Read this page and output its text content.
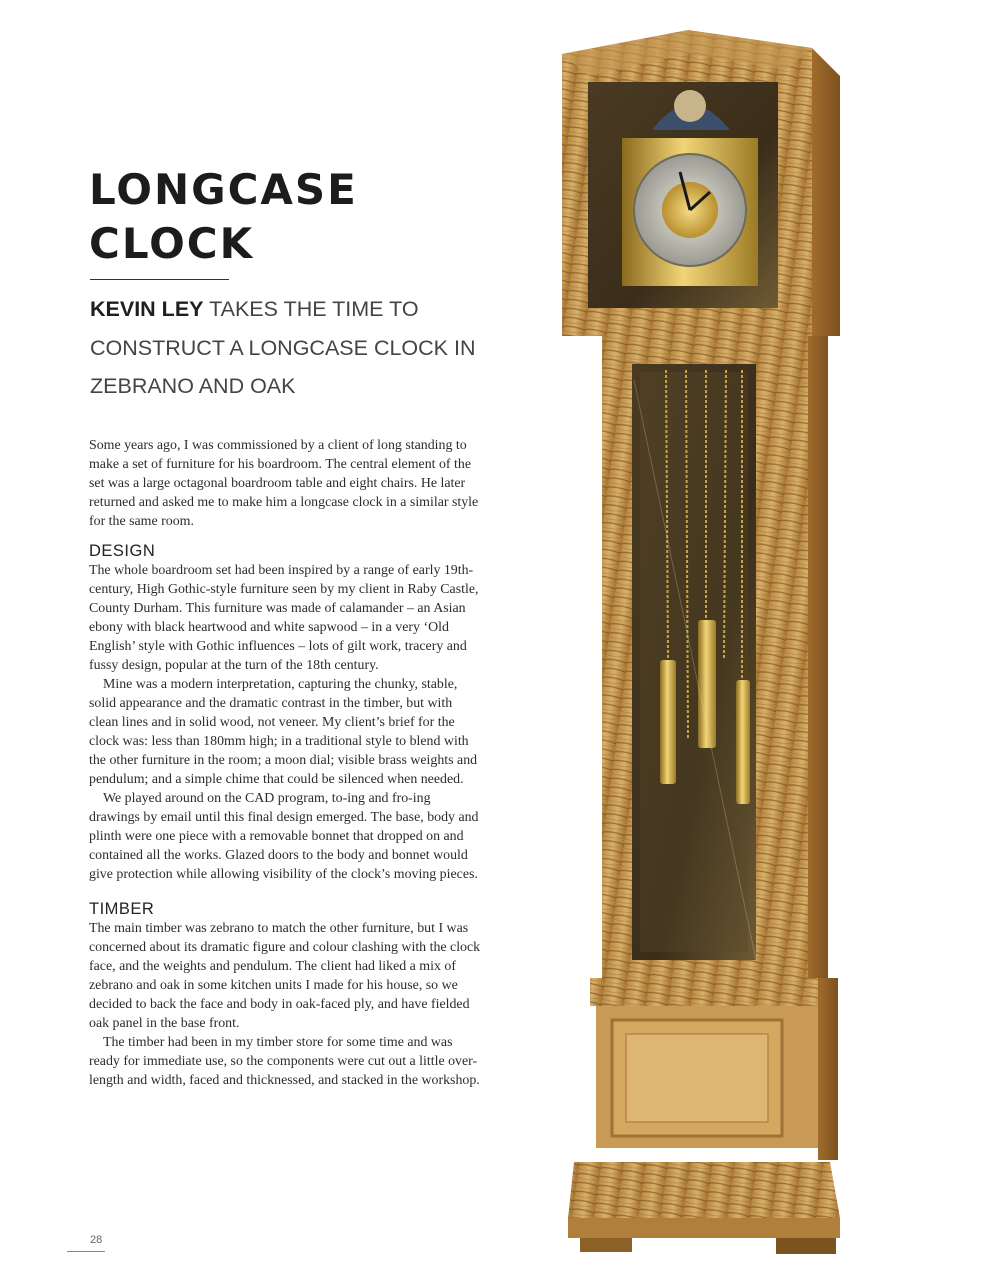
LONGCASE
CLOCK
KEVIN LEY TAKES THE TIME TO CONSTRUCT A LONGCASE CLOCK IN ZEBRANO AND OAK

Some years ago, I was commissioned by a client of long standing to make a set of furniture for his boardroom. The central element of the set was a large octagonal boardroom table and eight chairs. He later returned and asked me to make him a longcase clock in a similar style for the same room.

DESIGN

The whole boardroom set had been inspired by a range of early 19th-century, High Gothic-style furniture seen by my client in Raby Castle, County Durham. This furniture was made of calamander – an Asian ebony with black heartwood and white sapwood – in a very ‘Old English’ style with Gothic influences – lots of gilt work, tracery and fussy design, popular at the turn of the 18th century.

Mine was a modern interpretation, capturing the chunky, stable, solid appearance and the dramatic contrast in the timber, but with clean lines and in solid wood, not veneer. My client’s brief for the clock was: less than 180mm high; in a traditional style to blend with the other furniture in the room; a moon dial; visible brass weights and pendulum; and a simple chime that could be silenced when needed.

We played around on the CAD program, to-ing and fro-ing drawings by email until this final design emerged. The base, body and plinth were one piece with a removable bonnet that dropped on and contained all the works. Glazed doors to the body and bonnet would give protection while allowing visibility of the clock’s moving pieces.

TIMBER

The main timber was zebrano to match the other furniture, but I was concerned about its dramatic figure and colour clashing with the clock face, and the weights and pendulum. The client had liked a mix of zebrano and oak in some kitchen units I made for his house, so we decided to back the face and body in oak-faced ply, and have fielded oak panel in the base front.

The timber had been in my timber store for some time and was ready for immediate use, so the components were cut out a little over-length and width, faced and thicknessed, and stacked in the workshop.

28
